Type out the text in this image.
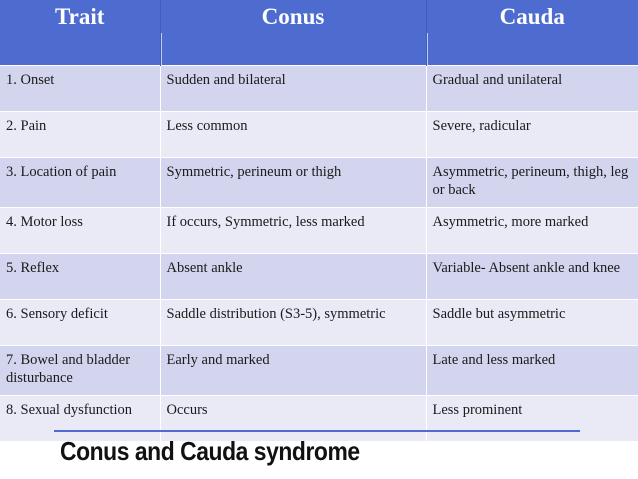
Trait	Conus	Cauda
1. Onset	Sudden and bilateral	Gradual and unilateral
2. Pain	Less common	Severe, radicular
3. Location of pain	Symmetric, perineum or thigh	Asymmetric, perineum, thigh, leg or back
4. Motor loss	If occurs, Symmetric, less marked	Asymmetric, more marked
5. Reflex	Absent ankle	Variable- Absent ankle and knee
6. Sensory deficit	Saddle distribution (S3-5), symmetric	Saddle but asymmetric
7. Bowel and bladder disturbance	Early and marked	Late and less marked
8. Sexual dysfunction	Occurs	Less prominent
Conus and Cauda syndrome
